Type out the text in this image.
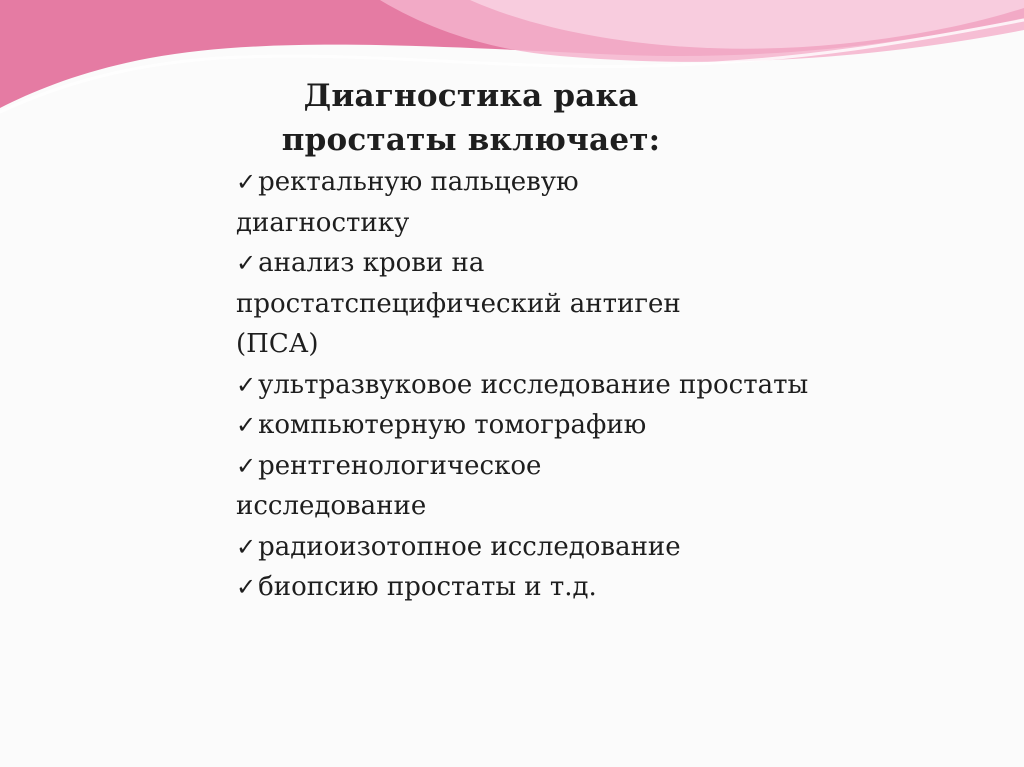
Диагностика рака
простаты включает:
✓ректальную пальцевую диагностику
✓анализ крови на простатспецифический антиген (ПСА)
✓ультразвуковое исследование простаты
✓компьютерную томографию
✓рентгенологическое исследование
✓радиоизотопное исследование
✓биопсию простаты и т.д.
